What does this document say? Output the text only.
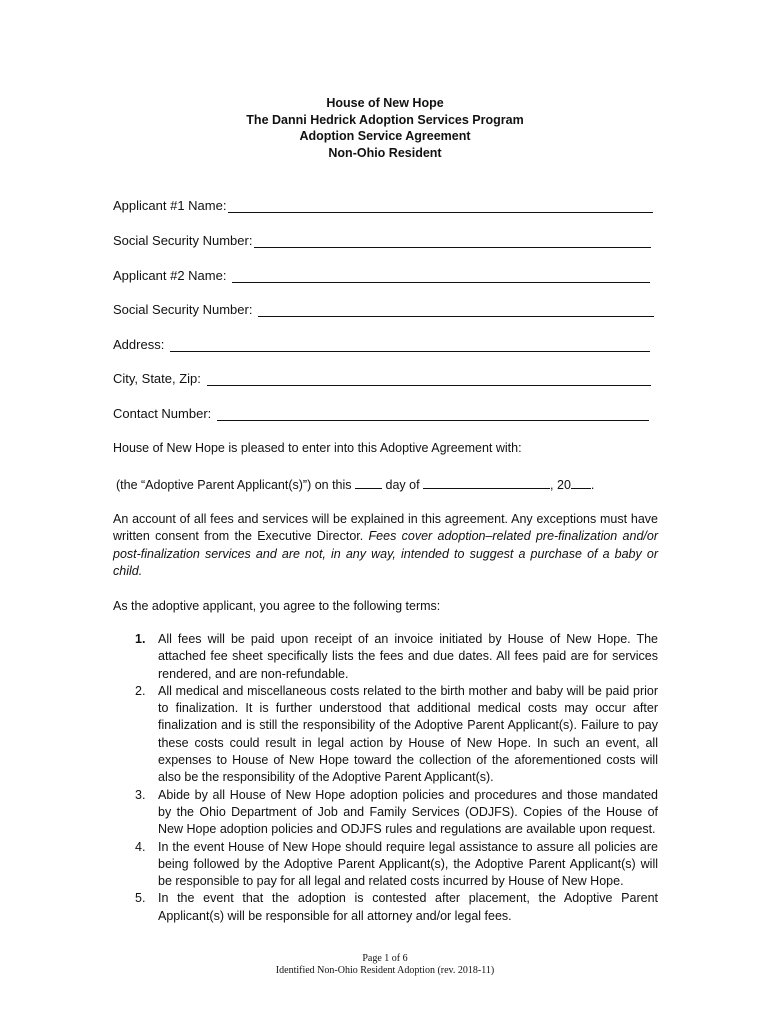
House of New Hope
The Danni Hedrick Adoption Services Program
Adoption Service Agreement
Non-Ohio Resident
Applicant #1 Name:
Social Security Number:
Applicant #2 Name:
Social Security Number:
Address:
City, State, Zip:
Contact Number:
House of New Hope is pleased to enter into this Adoptive Agreement with:
(the “Adoptive Parent Applicant(s)”) on this	day of	, 20 .
An account of all fees and services will be explained in this agreement. Any exceptions must have written consent from the Executive Director. Fees cover adoption–related pre-finalization and/or post-finalization services and are not, in any way, intended to suggest a purchase of a baby or child.
As the adoptive applicant, you agree to the following terms:
1. All fees will be paid upon receipt of an invoice initiated by House of New Hope. The attached fee sheet specifically lists the fees and due dates. All fees paid are for services rendered, and are non-refundable.
2. All medical and miscellaneous costs related to the birth mother and baby will be paid prior to finalization. It is further understood that additional medical costs may occur after finalization and is still the responsibility of the Adoptive Parent Applicant(s). Failure to pay these costs could result in legal action by House of New Hope. In such an event, all expenses to House of New Hope toward the collection of the aforementioned costs will also be the responsibility of the Adoptive Parent Applicant(s).
3. Abide by all House of New Hope adoption policies and procedures and those mandated by the Ohio Department of Job and Family Services (ODJFS). Copies of the House of New Hope adoption policies and ODJFS rules and regulations are available upon request.
4. In the event House of New Hope should require legal assistance to assure all policies are being followed by the Adoptive Parent Applicant(s), the Adoptive Parent Applicant(s) will be responsible to pay for all legal and related costs incurred by House of New Hope.
5. In the event that the adoption is contested after placement, the Adoptive Parent Applicant(s) will be responsible for all attorney and/or legal fees.
Page 1 of 6
Identified Non-Ohio Resident Adoption (rev. 2018-11)
